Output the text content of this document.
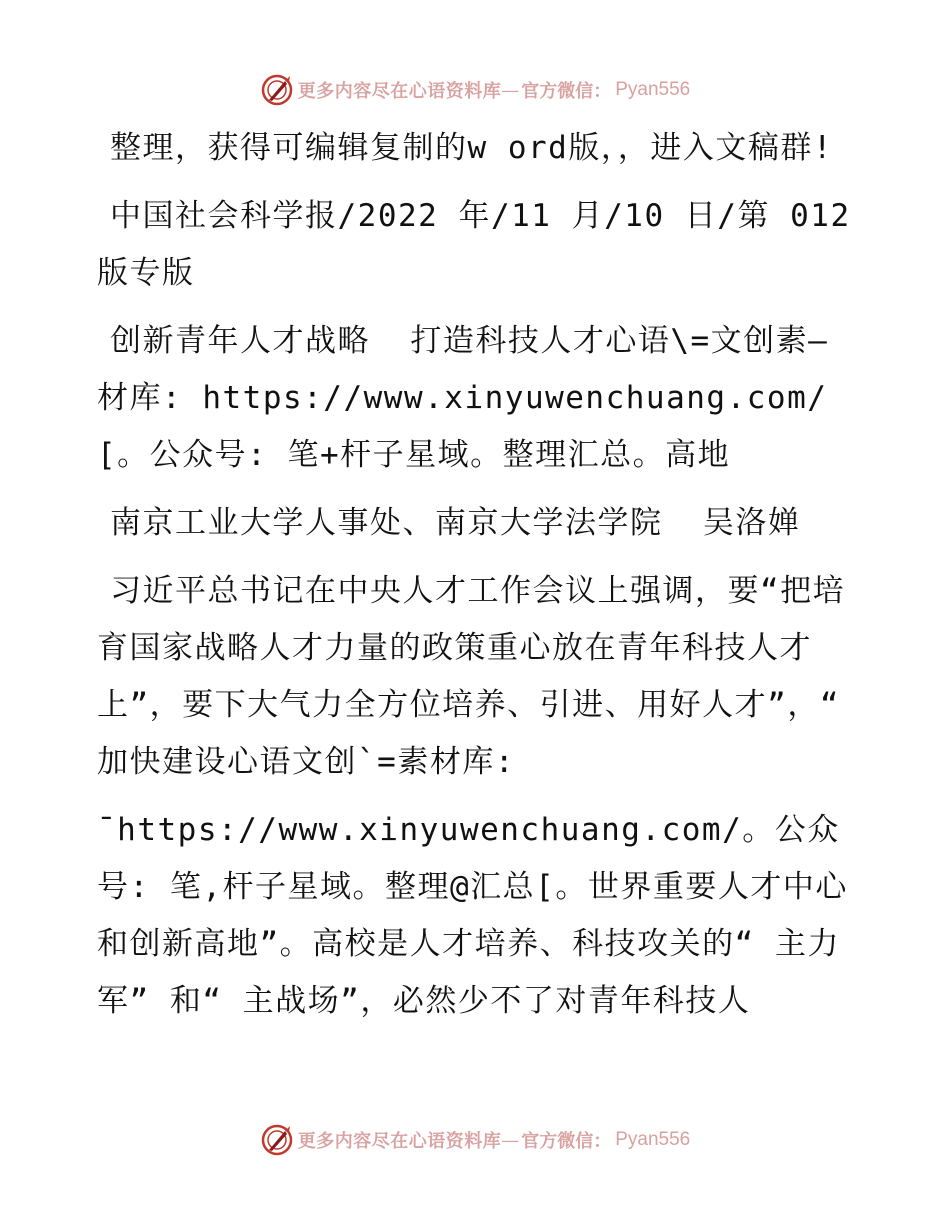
更多内容尽在心语资料库 — 官方微信： Pyan556

整理，获得可编辑复制的w ord版，，进入文稿群!

中国社会科学报/2022 年/11 月/10 日/第 012 版专版

创新青年人才战略  打造科技人才心语\=文创素—材库: https://www.xinyuwenchuang.com/[。公众号: 笔+杆子星域。整理汇总。高地

南京工业大学人事处、南京大学法学院  吴洛婵

习近平总书记在中央人才工作会议上强调，要“把培育国家战略人才力量的政策重心放在青年科技人才上”，要下大气力全方位培养、引进、用好人才”，“ 加快建设心语文创`=素材库:

¯https://www.xinyuwenchuang.com/。公众号: 笔,杆子星域。整理@汇总[。世界重要人才中心和创新高地”。高校是人才培养、科技攻关的“ 主力军” 和“ 主战场”，必然少不了对青年科技人

更多内容尽在心语资料库 — 官方微信： Pyan556
